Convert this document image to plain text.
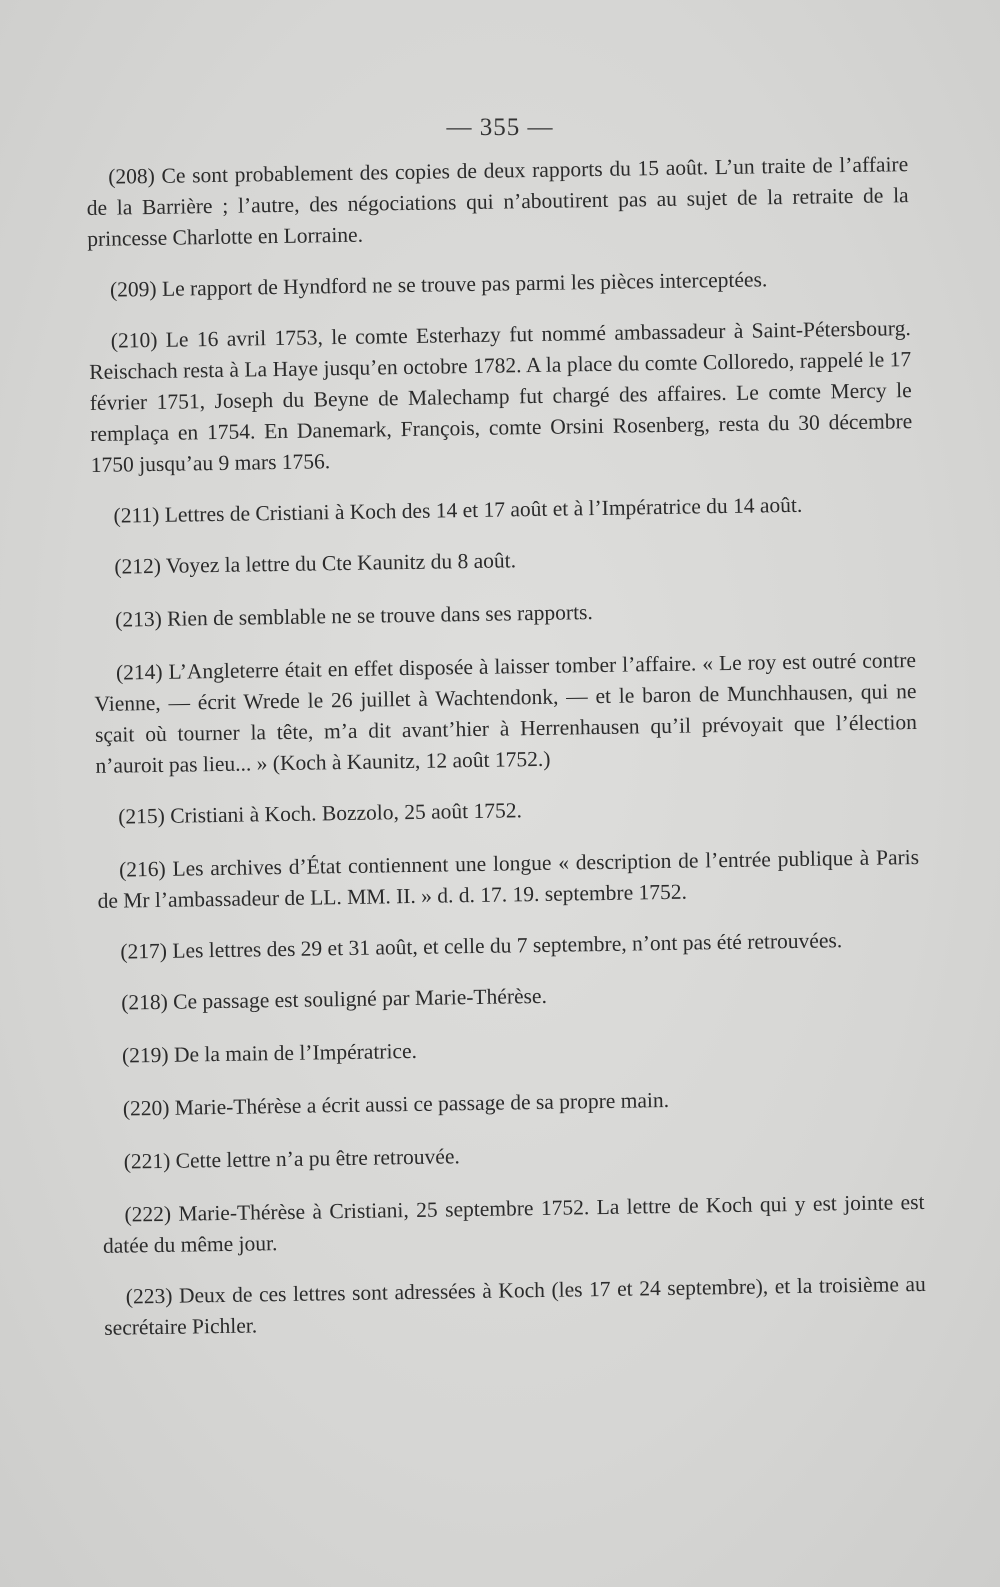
— 355 —

(208) Ce sont probablement des copies de deux rapports du 15 août. L’un traite de l’affaire de la Barrière ; l’autre, des négociations qui n’aboutirent pas au sujet de la retraite de la princesse Charlotte en Lorraine.

(209) Le rapport de Hyndford ne se trouve pas parmi les pièces interceptées.

(210) Le 16 avril 1753, le comte Esterhazy fut nommé ambassadeur à Saint-Pétersbourg. Reischach resta à La Haye jusqu’en octobre 1782. A la place du comte Colloredo, rappelé le 17 février 1751, Joseph du Beyne de Malechamp fut chargé des affaires. Le comte Mercy le remplaça en 1754. En Danemark, François, comte Orsini Rosenberg, resta du 30 décembre 1750 jusqu’au 9 mars 1756.

(211) Lettres de Cristiani à Koch des 14 et 17 août et à l’Impératrice du 14 août.

(212) Voyez la lettre du Cte Kaunitz du 8 août.

(213) Rien de semblable ne se trouve dans ses rapports.

(214) L’Angleterre était en effet disposée à laisser tomber l’affaire. « Le roy est outré contre Vienne, — écrit Wrede le 26 juillet à Wachtendonk, — et le baron de Munchhausen, qui ne sçait où tourner la tête, m’a dit avant’hier à Herrenhausen qu’il prévoyait que l’élection n’auroit pas lieu... » (Koch à Kaunitz, 12 août 1752.)

(215) Cristiani à Koch. Bozzolo, 25 août 1752.

(216) Les archives d’État contiennent une longue « description de l’entrée publique à Paris de Mr l’ambassadeur de LL. MM. II. » d. d. 17. 19. septembre 1752.

(217) Les lettres des 29 et 31 août, et celle du 7 septembre, n’ont pas été retrouvées.

(218) Ce passage est souligné par Marie-Thérèse.

(219) De la main de l’Impératrice.

(220) Marie-Thérèse a écrit aussi ce passage de sa propre main.

(221) Cette lettre n’a pu être retrouvée.

(222) Marie-Thérèse à Cristiani, 25 septembre 1752. La lettre de Koch qui y est jointe est datée du même jour.

(223) Deux de ces lettres sont adressées à Koch (les 17 et 24 septembre), et la troisième au secrétaire Pichler.
